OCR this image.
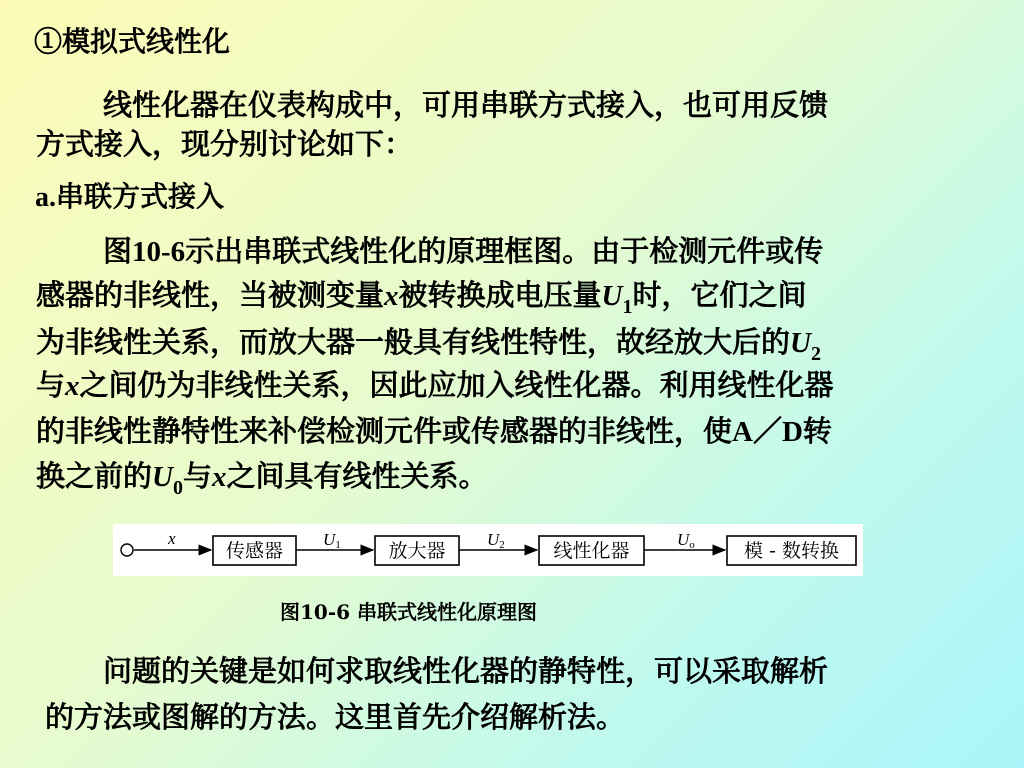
①模拟式线性化
线性化器在仪表构成中，可用串联方式接入，也可用反馈
方式接入，现分别讨论如下：
a.串联方式接入
图10-6示出串联式线性化的原理框图。由于检测元件或传
感器的非线性，当被测变量x被转换成电压量$U_1$时，它们之间
为非线性关系，而放大器一般具有线性特性，故经放大后的$U_2$
与x之间仍为非线性关系，因此应加入线性化器。利用线性化器
的非线性静特性来补偿检测元件或传感器的非线性，使A／D转
换之前的$U_0$与x之间具有线性关系。
传感器	放大器	线性化器	模 - 数转换
x	U1	U2	Uo
图10-6 串联式线性化原理图
问题的关键是如何求取线性化器的静特性，可以采取解析
的方法或图解的方法。这里首先介绍解析法。
